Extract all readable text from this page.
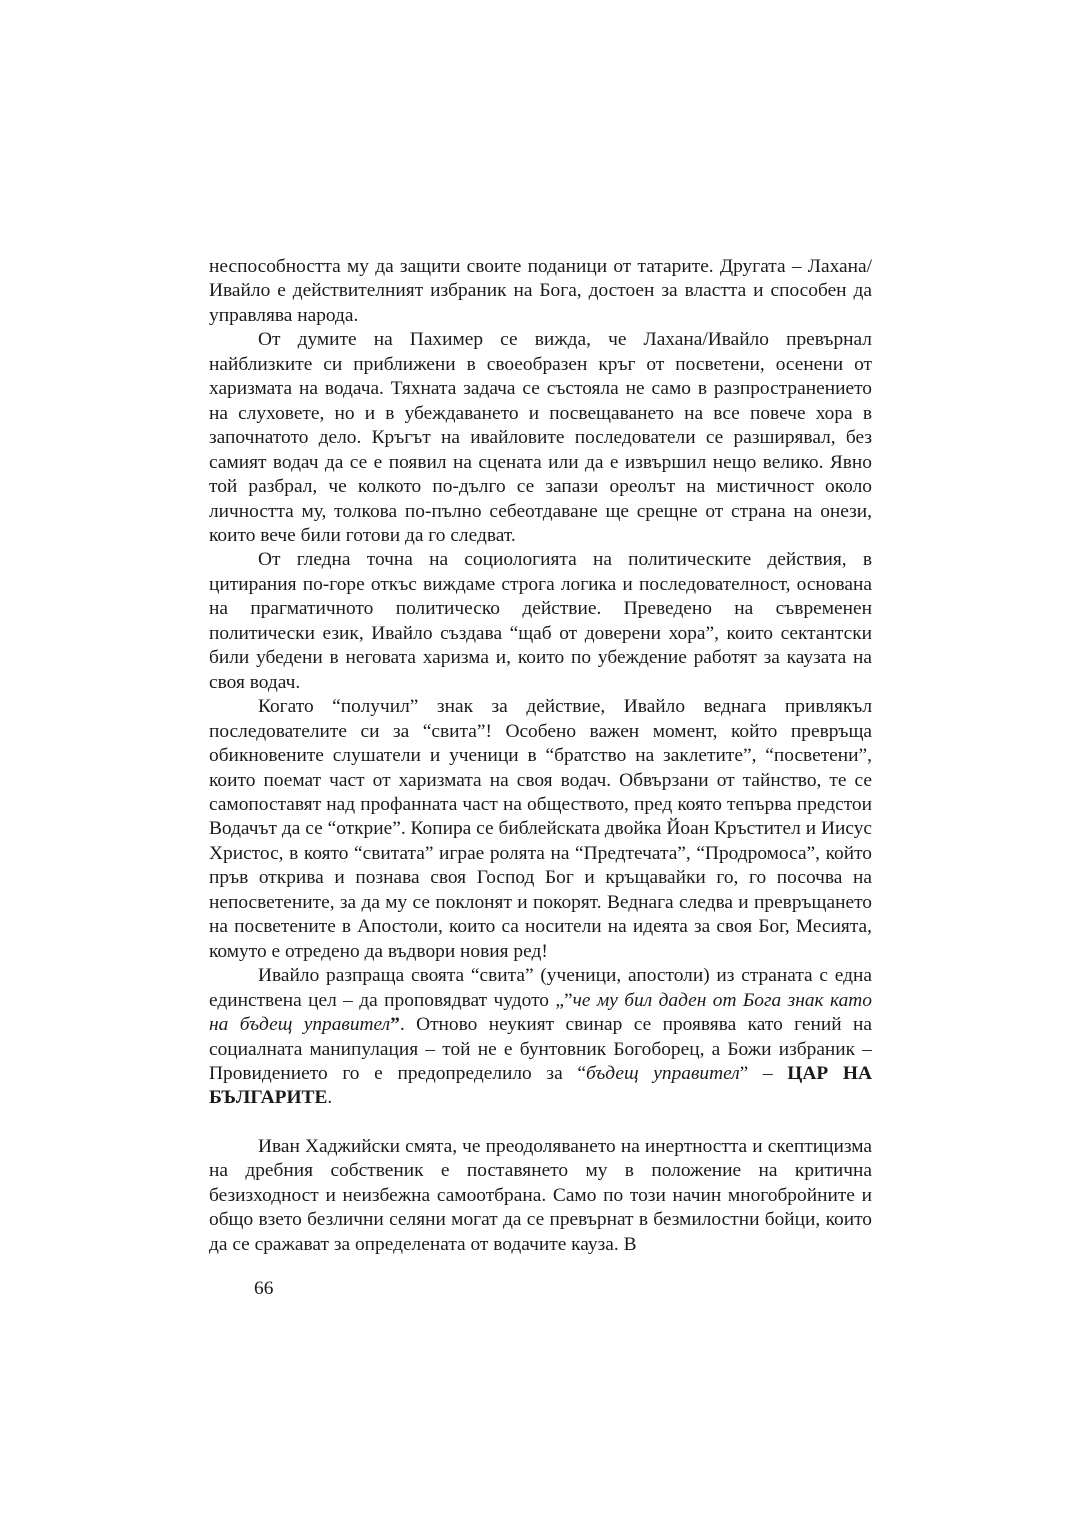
неспособността му да защити своите поданици от татарите. Другата – Лахана/Ивайло е действителният избраник на Бога, достоен за властта и способен да управлява народа.

От думите на Пахимер се вижда, че Лахана/Ивайло превърнал найблизките си приближени в своеобразен кръг от посветени, осенени от харизмата на водача. Тяхната задача се състояла не само в разпространението на слуховете, но и в убеждаването и посвещаването на все повече хора в започнатото дело. Кръгът на ивайловите последователи се разширявал, без самият водач да се е появил на сцената или да е извършил нещо велико. Явно той разбрал, че колкото по-дълго се запази ореолът на мистичност около личността му, толкова по-пълно себеотдаване ще срещне от страна на онези, които вече били готови да го следват.

От гледна точна на социологията на политическите действия, в цитирания по-горе откъс виждаме строга логика и последователност, основана на прагматичното политическо действие. Преведено на съвременен политически език, Ивайло създава “щаб от доверени хора”, които сектантски били убедени в неговата харизма и, които по убеждение работят за каузата на своя водач.

Когато “получил” знак за действие, Ивайло веднага привлякъл последователите си за “свита”! Особено важен момент, който превръща обикновените слушатели и ученици в “братство на заклетите”, “посветени”, които поемат част от харизмата на своя водач. Обвързани от тайнство, те се самопоставят над профанната част на обществото, пред която тепърва предстои Водачът да се “открие”. Копира се библейската двойка Йоан Кръстител и Иисус Христос, в която “свитата” играе ролята на “Предтечата”, “Продромоса”, който пръв открива и познава своя Господ Бог и кръщавайки го, го посочва на непосветените, за да му се поклонят и покорят. Веднага следва и превръщането на посветените в Апостоли, които са носители на идеята за своя Бог, Месията, комуто е отредено да въдвори новия ред!

Ивайло разпраща своята “свита” (ученици, апостоли) из страната с една единствена цел – да проповядват чудото „”че му бил даден от Бога знак като на бъдещ управител”. Отново неукият свинар се проявява като гений на социалната манипулация – той не е бунтовник Богоборец, а Божи избраник – Провидението го е предопределило за “бъдещ управител” – ЦАР НА БЪЛГАРИТЕ.

Иван Хаджийски смята, че преодоляването на инертността и скептицизма на дребния собственик е поставянето му в положение на критична безизходност и неизбежна самоотбрана. Само по този начин многобройните и общо взето безлични селяни могат да се превърнат в безмилостни бойци, които да се сражават за определената от водачите кауза. В

66
